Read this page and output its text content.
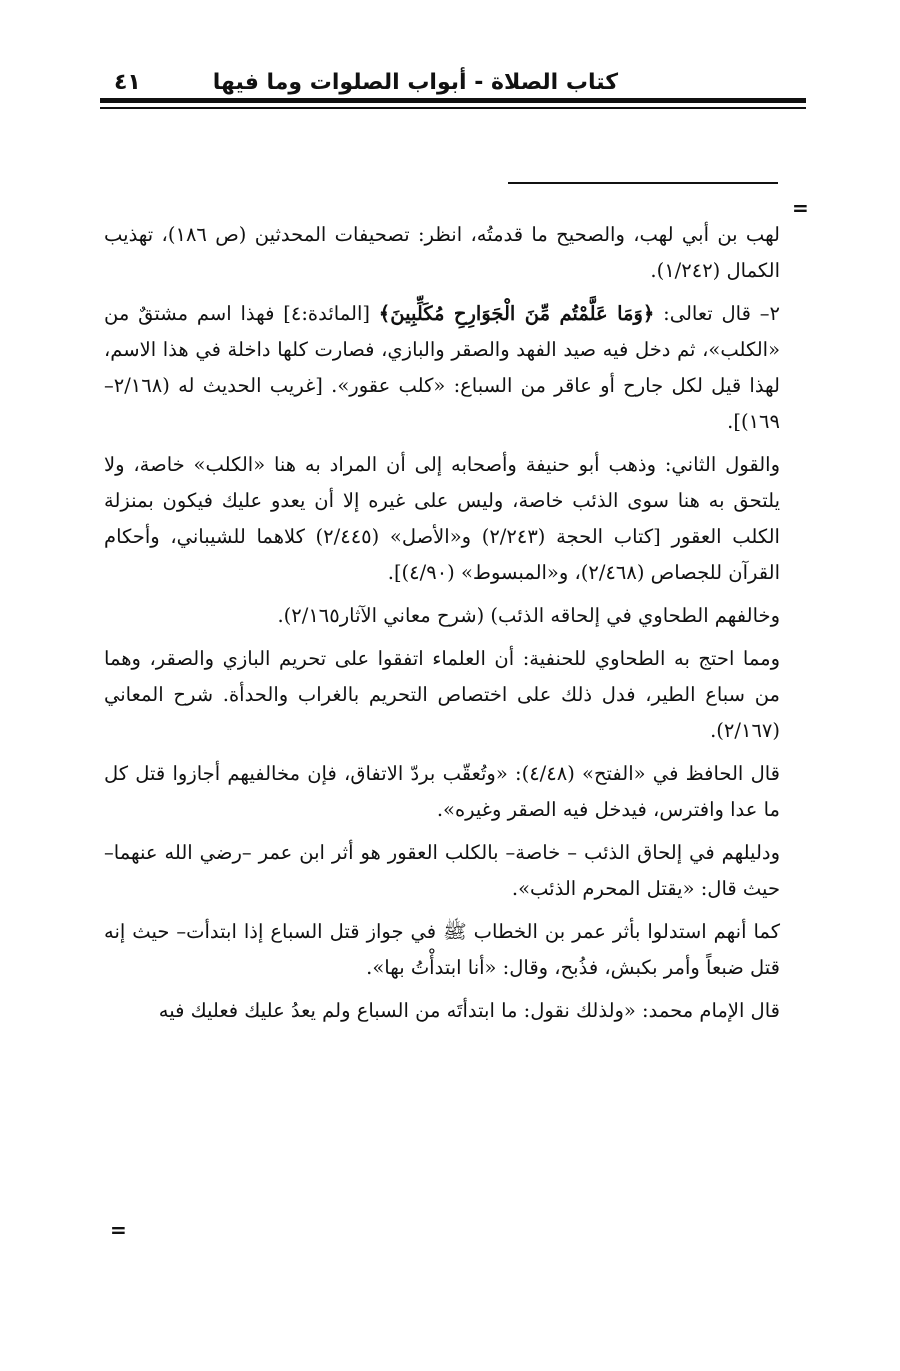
كتاب الصلاة - أبواب الصلوات وما فيها
٤١
=

لهب بن أبي لهب، والصحيح ما قدمتُه، انظر: تصحيفات المحدثين (ص ١٨٦)، تهذيب الكمال (١/٢٤٢).

٢– قال تعالى: ﴿وَمَا عَلَّمْتُم مِّنَ الْجَوَارِحِ مُكَلِّبِينَ﴾ [المائدة:٤] فهذا اسم مشتقٌ من «الكلب»، ثم دخل فيه صيد الفهد والصقر والبازي، فصارت كلها داخلة في هذا الاسم، لهذا قيل لكل جارح أو عاقر من السباع: «كلب عقور». [غريب الحديث له (٢/١٦٨–١٦٩)].

والقول الثاني: وذهب أبو حنيفة وأصحابه إلى أن المراد به هنا «الكلب» خاصة، ولا يلتحق به هنا سوى الذئب خاصة، وليس على غيره إلا أن يعدو عليك فيكون بمنزلة الكلب العقور [كتاب الحجة (٢/٢٤٣) و«الأصل» (٢/٤٤٥) كلاهما للشيباني، وأحكام القرآن للجصاص (٢/٤٦٨)، و«المبسوط» (٤/٩٠)].

وخالفهم الطحاوي في إلحاقه الذئب) (شرح معاني الآثار٢/١٦٥).

ومما احتج به الطحاوي للحنفية: أن العلماء اتفقوا على تحريم البازي والصقر، وهما من سباع الطير، فدل ذلك على اختصاص التحريم بالغراب والحدأة. شرح المعاني (٢/١٦٧).

قال الحافظ في «الفتح» (٤/٤٨): «وتُعقّب بردّ الاتفاق، فإن مخالفيهم أجازوا قتل كل ما عدا وافترس، فيدخل فيه الصقر وغيره».

ودليلهم في إلحاق الذئب – خاصة– بالكلب العقور هو أثر ابن عمر –رضي الله عنهما– حيث قال: «يقتل المحرم الذئب».

كما أنهم استدلوا بأثر عمر بن الخطاب ﷺ في جواز قتل السباع إذا ابتدأت– حيث إنه قتل ضبعاً وأمر بكبش، فذُبح، وقال: «أنا ابتدأْتُ بها».

قال الإمام محمد: «ولذلك نقول: ما ابتدأتَه من السباع ولم يعدُ عليك فعليك فيه

=
